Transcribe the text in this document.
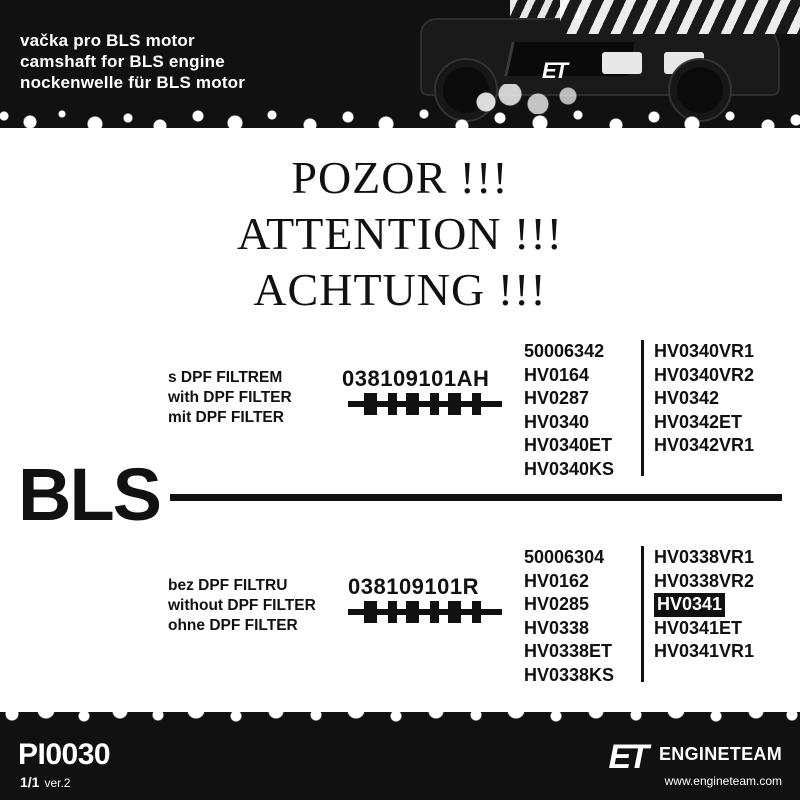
ET
vačka pro BLS motor
camshaft for BLS engine
nockenwelle für BLS motor
POZOR !!!
ATTENTION !!!
ACHTUNG !!!
BLS
s DPF FILTREM
with DPF FILTER
mit DPF FILTER
038109101AH
50006342
HV0164
HV0287
HV0340
HV0340ET
HV0340KS
HV0340VR1
HV0340VR2
HV0342
HV0342ET
HV0342VR1
bez DPF FILTRU
without DPF FILTER
ohne DPF FILTER
038109101R
50006304
HV0162
HV0285
HV0338
HV0338ET
HV0338KS
HV0338VR1
HV0338VR2
HV0341
HV0341ET
HV0341VR1
PI0030
1/1 ver.2
ET ENGINETEAM
www.engineteam.com
